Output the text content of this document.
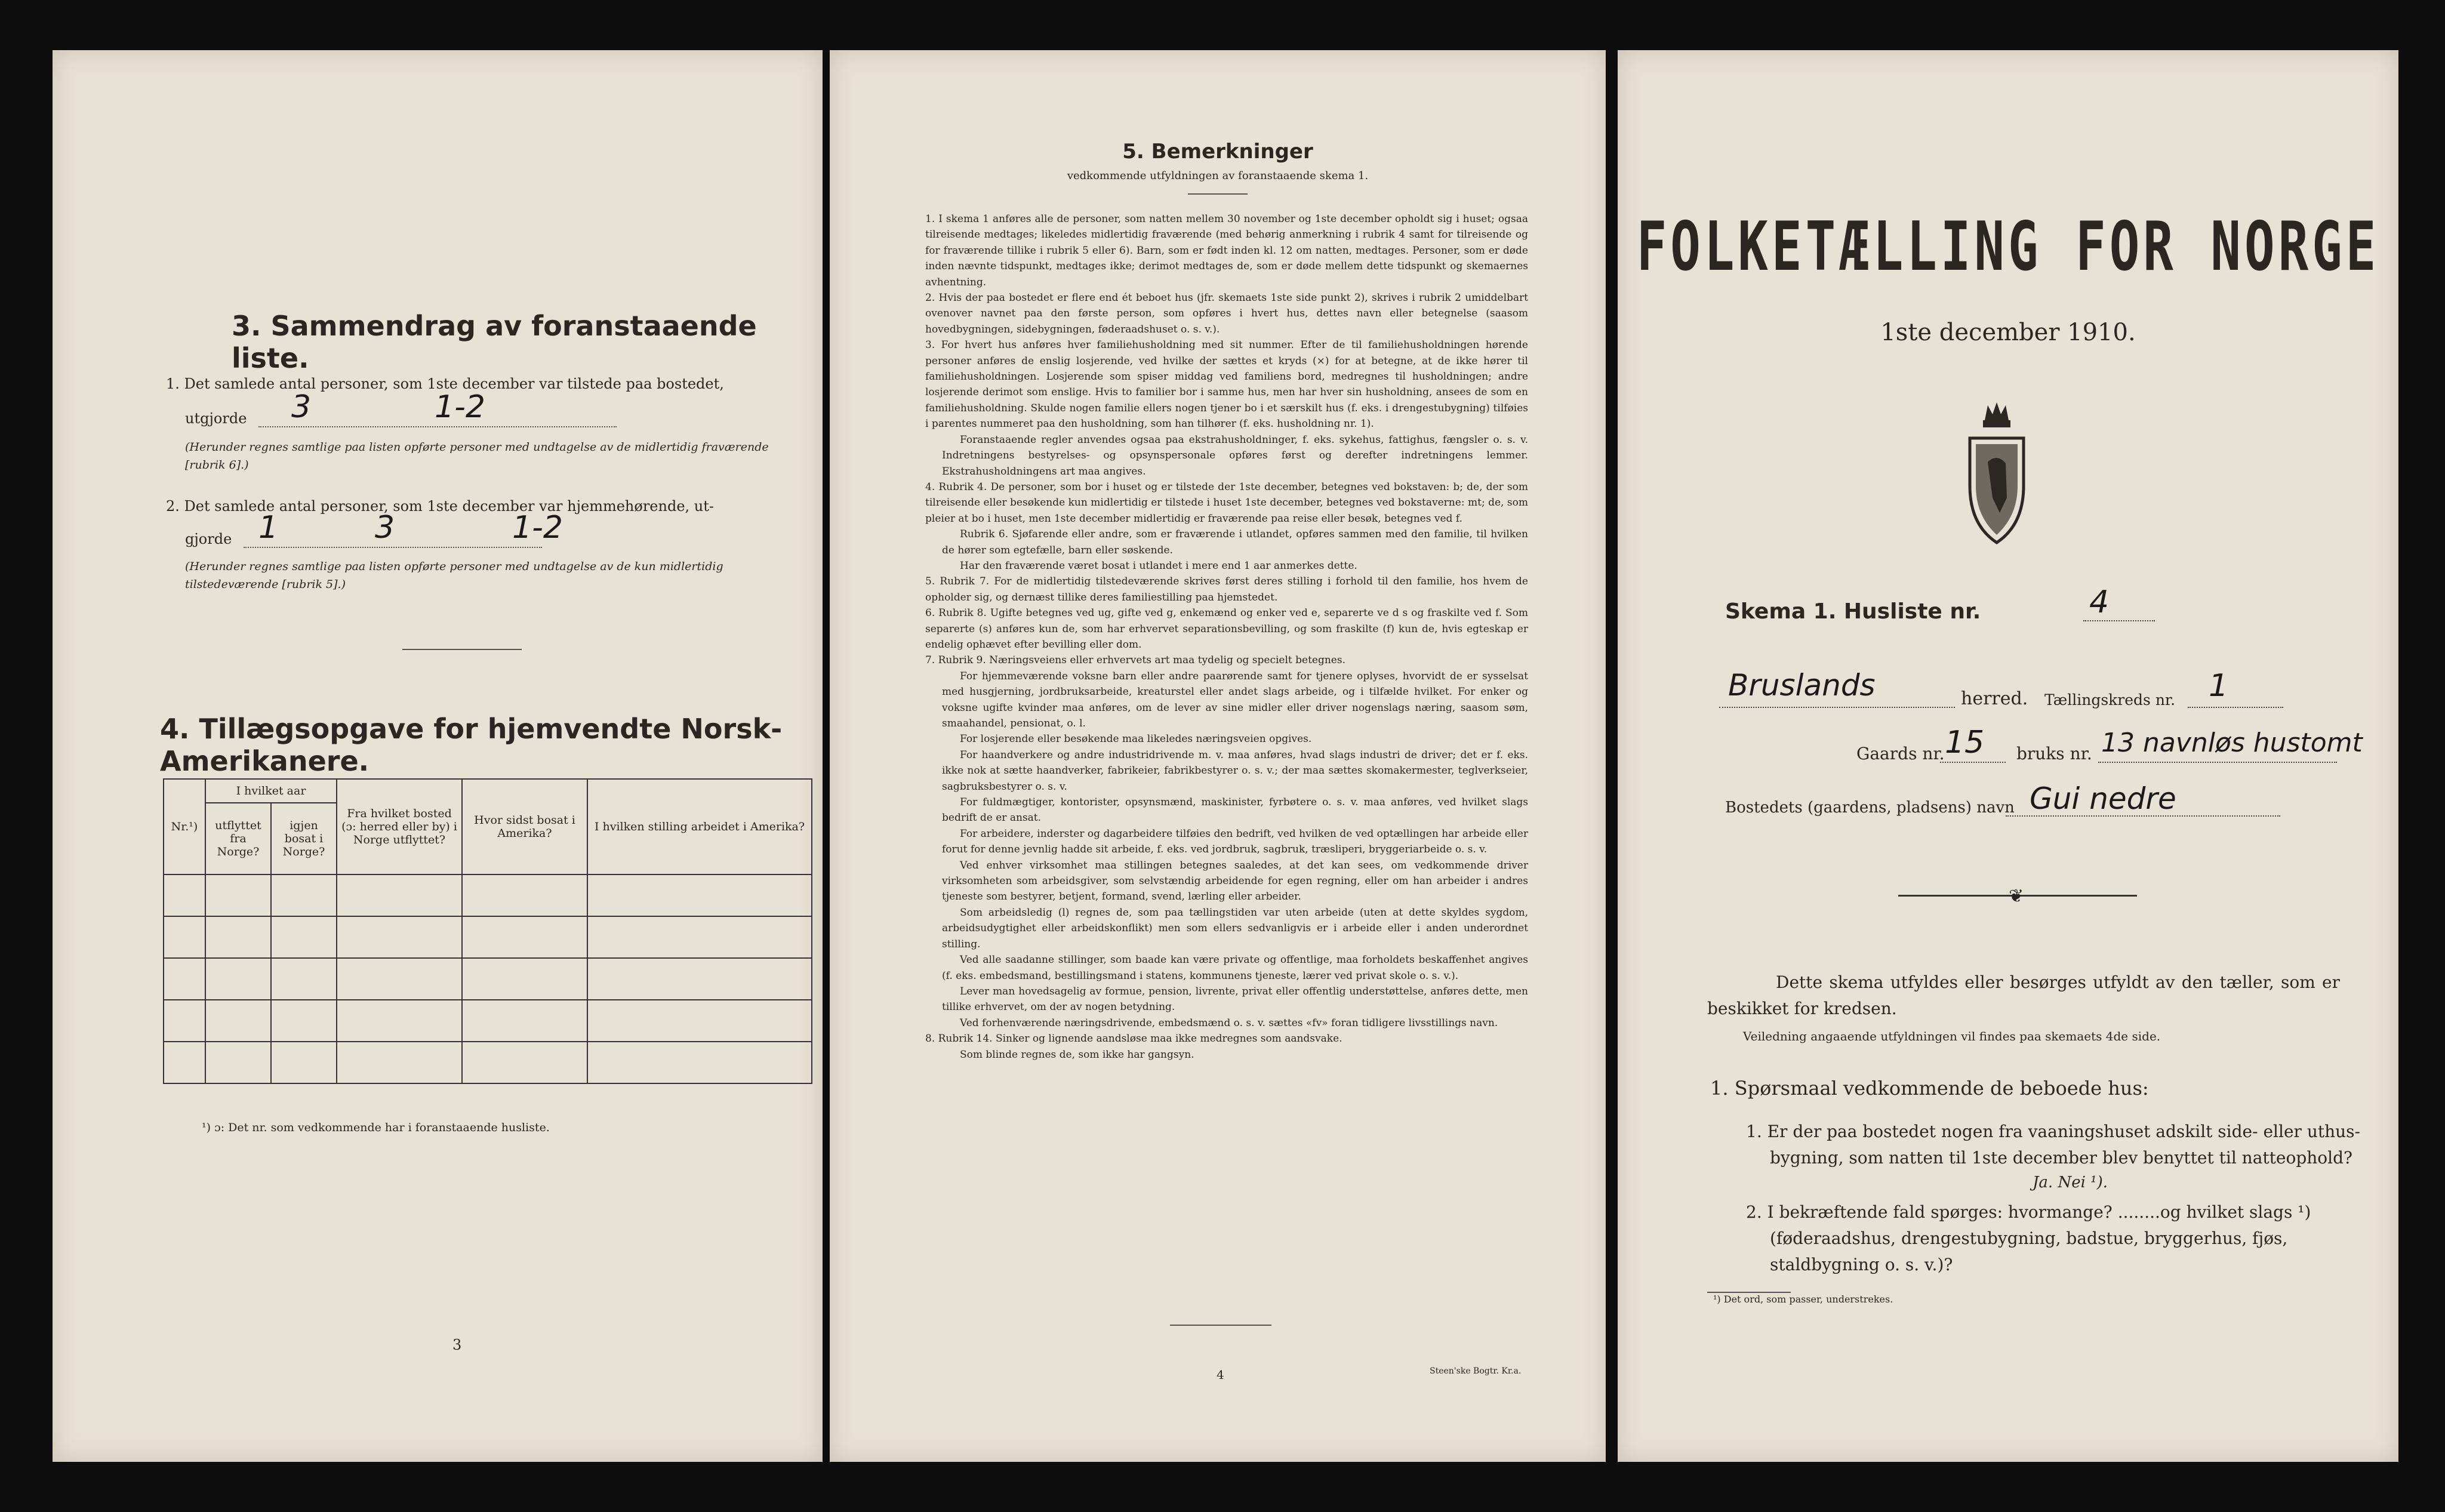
3. Sammendrag av foranstaaende liste.
1. Det samlede antal personer, som 1ste december var tilstede paa bostedet,
utgjorde 3	1-2
(Herunder regnes samtlige paa listen opførte personer med undtagelse av de midlertidig fraværende [rubrik 6].)
2. Det samlede antal personer, som 1ste december var hjemmehørende, ut-
gjorde 1	3	1-2
(Herunder regnes samtlige paa listen opførte personer med undtagelse av de kun midlertidig tilstedeværende [rubrik 5].)
4. Tillægsopgave for hjemvendte Norsk-Amerikanere.
Nr.¹)	I hvilket aar		Fra hvilket bosted (ɔ: herred eller by) i Norge utflyttet?	Hvor sidst bosat i Amerika?	I hvilken stilling arbeidet i Amerika?
	utflyttet fra Norge?	igjen bosat i Norge?			

¹) ɔ: Det nr. som vedkommende har i foranstaaende husliste.
3
5. Bemerkninger
vedkommende utfyldningen av foranstaaende skema 1.

1. I skema 1 anføres alle de personer, som natten mellem 30 november og 1ste december opholdt sig i huset; ogsaa tilreisende medtages; likeledes midlertidig fraværende (med behørig anmerkning i rubrik 4 samt for tilreisende og for fraværende tillike i rubrik 5 eller 6). Barn, som er født inden kl. 12 om natten, medtages. Personer, som er døde inden nævnte tidspunkt, medtages ikke; derimot medtages de, som er døde mellem dette tidspunkt og skemaernes avhentning.

2. Hvis der paa bostedet er flere end ét beboet hus (jfr. skemaets 1ste side punkt 2), skrives i rubrik 2 umiddelbart ovenover navnet paa den første person, som opføres i hvert hus, dettes navn eller betegnelse (saasom hovedbygningen, sidebygningen, føderaadshuset o. s. v.).

3. For hvert hus anføres hver familiehusholdning med sit nummer. Efter de til familiehusholdningen hørende personer anføres de enslig losjerende, ved hvilke der sættes et kryds (×) for at betegne, at de ikke hører til familiehusholdningen. Losjerende som spiser middag ved familiens bord, medregnes til husholdningen; andre losjerende derimot som enslige. Hvis to familier bor i samme hus, men har hver sin husholdning, ansees de som en familiehusholdning. Skulde nogen familie ellers nogen tjener bo i et særskilt hus (f. eks. i drengestubygning) tilføies i parentes nummeret paa den husholdning, som han tilhører (f. eks. husholdning nr. 1).

Foranstaaende regler anvendes ogsaa paa ekstrahusholdninger, f. eks. sykehus, fattighus, fængsler o. s. v. Indretningens bestyrelses- og opsynspersonale opføres først og derefter indretningens lemmer. Ekstrahusholdningens art maa angives.

4. Rubrik 4. De personer, som bor i huset og er tilstede der 1ste december, betegnes ved bokstaven: b; de, der som tilreisende eller besøkende kun midlertidig er tilstede i huset 1ste december, betegnes ved bokstaverne: mt; de, som pleier at bo i huset, men 1ste december midlertidig er fraværende paa reise eller besøk, betegnes ved f.

Rubrik 6. Sjøfarende eller andre, som er fraværende i utlandet, opføres sammen med den familie, til hvilken de hører som egtefælle, barn eller søskende.

Har den fraværende været bosat i utlandet i mere end 1 aar anmerkes dette.

5. Rubrik 7. For de midlertidig tilstedeværende skrives først deres stilling i forhold til den familie, hos hvem de opholder sig, og dernæst tillike deres familiestilling paa hjemstedet.

6. Rubrik 8. Ugifte betegnes ved ug, gifte ved g, enkemænd og enker ved e, separerte ve d s og fraskilte ved f. Som separerte (s) anføres kun de, som har erhvervet separationsbevilling, og som fraskilte (f) kun de, hvis egteskap er endelig ophævet efter bevilling eller dom.

7. Rubrik 9. Næringsveiens eller erhvervets art maa tydelig og specielt betegnes.

For hjemmeværende voksne barn eller andre paarørende samt for tjenere oplyses, hvorvidt de er sysselsat med husgjerning, jordbruksarbeide, kreaturstel eller andet slags arbeide, og i tilfælde hvilket. For enker og voksne ugifte kvinder maa anføres, om de lever av sine midler eller driver nogenslags næring, saasom søm, smaahandel, pensionat, o. l.

For losjerende eller besøkende maa likeledes næringsveien opgives.

For haandverkere og andre industridrivende m. v. maa anføres, hvad slags industri de driver; det er f. eks. ikke nok at sætte haandverker, fabrikeier, fabrikbestyrer o. s. v.; der maa sættes skomakermester, teglverkseier, sagbruksbestyrer o. s. v.

For fuldmægtiger, kontorister, opsynsmænd, maskinister, fyrbøtere o. s. v. maa anføres, ved hvilket slags bedrift de er ansat.

For arbeidere, inderster og dagarbeidere tilføies den bedrift, ved hvilken de ved optællingen har arbeide eller forut for denne jevnlig hadde sit arbeide, f. eks. ved jordbruk, sagbruk, træsliperi, bryggeriarbeide o. s. v.

Ved enhver virksomhet maa stillingen betegnes saaledes, at det kan sees, om vedkommende driver virksomheten som arbeidsgiver, som selvstændig arbeidende for egen regning, eller om han arbeider i andres tjeneste som bestyrer, betjent, formand, svend, lærling eller arbeider.

Som arbeidsledig (l) regnes de, som paa tællingstiden var uten arbeide (uten at dette skyldes sygdom, arbeidsudygtighet eller arbeidskonflikt) men som ellers sedvanligvis er i arbeide eller i anden underordnet stilling.

Ved alle saadanne stillinger, som baade kan være private og offentlige, maa forholdets beskaffenhet angives (f. eks. embedsmand, bestillingsmand i statens, kommunens tjeneste, lærer ved privat skole o. s. v.).

Lever man hovedsagelig av formue, pension, livrente, privat eller offentlig understøttelse, anføres dette, men tillike erhvervet, om der av nogen betydning.

Ved forhenværende næringsdrivende, embedsmænd o. s. v. sættes «fv» foran tidligere livsstillings navn.

8. Rubrik 14. Sinker og lignende aandsløse maa ikke medregnes som aandsvake.

Som blinde regnes de, som ikke har gangsyn.

4	Steen'ske Bogtr. Kr.a.
FOLKETÆLLING FOR NORGE
1ste december 1910.
Skema 1. Husliste nr.	4
Bruslands	herred. Tællingskreds nr. 1
Gaards nr. 15 bruks nr. 13 navnløs hustomt
Bostedets (gaardens, pladsens) navn Gui nedre
❦
Dette skema utfyldes eller besørges utfyldt av den tæller, som er beskikket for kredsen.
Veiledning angaaende utfyldningen vil findes paa skemaets 4de side.
1. Spørsmaal vedkommende de beboede hus:
1. Er der paa bostedet nogen fra vaaningshuset adskilt side- eller uthus-bygning, som natten til 1ste december blev benyttet til natteophold?
Ja. Nei ¹).
2. I bekræftende fald spørges: hvormange? ........og hvilket slags ¹) (føderaadshus, drengestubygning, badstue, bryggerhus, fjøs, staldbygning o. s. v.)?
¹) Det ord, som passer, understrekes.
